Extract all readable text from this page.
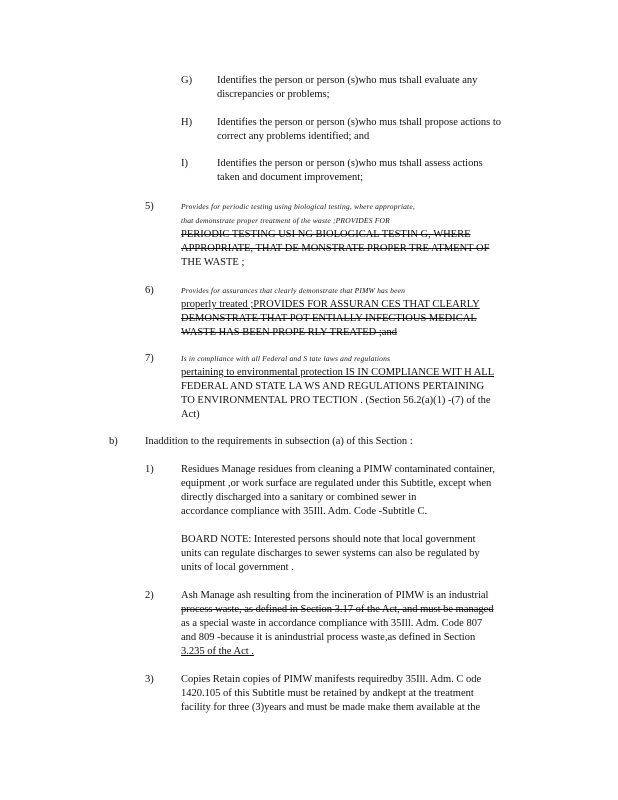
G) Identifies the person or person (s)who mus tshall evaluate any
discrepancies or problems;
H) Identifies the person or person (s)who mus tshall propose actions to
correct any problems identified; and
I)	Identifies the person or person (s)who mus tshall assess actions
taken and document improvement;
5)	Provides for periodic testing using biological testing, where appropriate,
that demonstrate proper treatment of the waste ;PROVIDES FOR
PERIODIC TESTING USI NG BIOLOGICAL TESTIN G, WHERE
APPROPRIATE, THAT DE MONSTRATE PROPER TRE ATMENT OF
THE WASTE ;
6)	Provides for assurances that clearly demonstrate that PIMW has been
properly treated ;PROVIDES FOR ASSURAN CES THAT CLEARLY
DEMONSTRATE THAT POT ENTIALLY INFECTIOUS MEDICAL
WASTE HAS BEEN PROPE RLY TREATED ;and
7)	Is in compliance with all Federal and S tate laws and regulations
pertaining to environmental protection IS IN COMPLIANCE WIT H ALL
FEDERAL AND STATE LA WS AND REGULATIONS PERTAINING
TO ENVIRONMENTAL PRO TECTION . (Section 56.2(a)(1) -(7) of the
Act)
b)	Inaddition to the requirements in subsection (a) of this Section :
1)	Residues Manage residues from cleaning a PIMW contaminated container,
equipment ,or work surface are regulated under this Subtitle, except when
directly discharged into a sanitary or combined sewer in
accordance compliance with 35Ill. Adm. Code -Subtitle C.
BOARD NOTE: Interested persons should note that local government
units can regulate discharges to sewer systems can also be regulated by
units of local government .
2)	Ash Manage ash resulting from the incineration of PIMW is an industrial
process waste, as defined in Section 3.17 of the Act, and must be managed
as a special waste in accordance compliance with 35Ill. Adm. Code 807
and 809 -because it is anindustrial process waste,as defined in Section
3.235 of the Act .
3)	Copies Retain copies of PIMW manifests requiredby 35Ill. Adm. C ode
1420.105 of this Subtitle must be retained by andkept at the treatment
facility for three (3)years and must be made make them available at the
